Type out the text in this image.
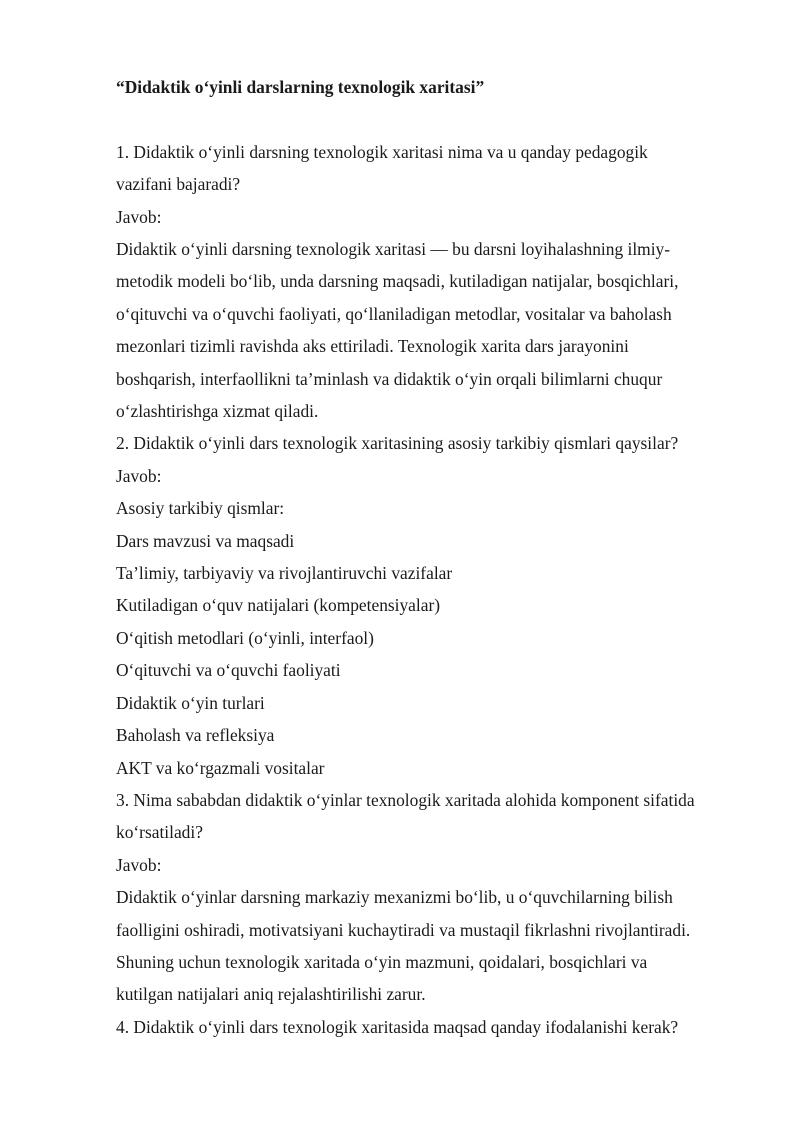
“Didaktik o‘yinli darslarning texnologik xaritasi”

1. Didaktik o‘yinli darsning texnologik xaritasi nima va u qanday pedagogik

vazifani bajaradi?

Javob:

Didaktik o‘yinli darsning texnologik xaritasi — bu darsni loyihalashning ilmiy-

metodik modeli bo‘lib, unda darsning maqsadi, kutiladigan natijalar, bosqichlari,

o‘qituvchi va o‘quvchi faoliyati, qo‘llaniladigan metodlar, vositalar va baholash

mezonlari tizimli ravishda aks ettiriladi. Texnologik xarita dars jarayonini

boshqarish, interfaollikni ta’minlash va didaktik o‘yin orqali bilimlarni chuqur

o‘zlashtirishga xizmat qiladi.

2. Didaktik o‘yinli dars texnologik xaritasining asosiy tarkibiy qismlari qaysilar?

Javob:

Asosiy tarkibiy qismlar:

Dars mavzusi va maqsadi

Ta’limiy, tarbiyaviy va rivojlantiruvchi vazifalar

Kutiladigan o‘quv natijalari (kompetensiyalar)

O‘qitish metodlari (o‘yinli, interfaol)

O‘qituvchi va o‘quvchi faoliyati

Didaktik o‘yin turlari

Baholash va refleksiya

AKT va ko‘rgazmali vositalar

3. Nima sababdan didaktik o‘yinlar texnologik xaritada alohida komponent sifatida

ko‘rsatiladi?

Javob:

Didaktik o‘yinlar darsning markaziy mexanizmi bo‘lib, u o‘quvchilarning bilish

faolligini oshiradi, motivatsiyani kuchaytiradi va mustaqil fikrlashni rivojlantiradi.

Shuning uchun texnologik xaritada o‘yin mazmuni, qoidalari, bosqichlari va

kutilgan natijalari aniq rejalashtirilishi zarur.

4. Didaktik o‘yinli dars texnologik xaritasida maqsad qanday ifodalanishi kerak?
